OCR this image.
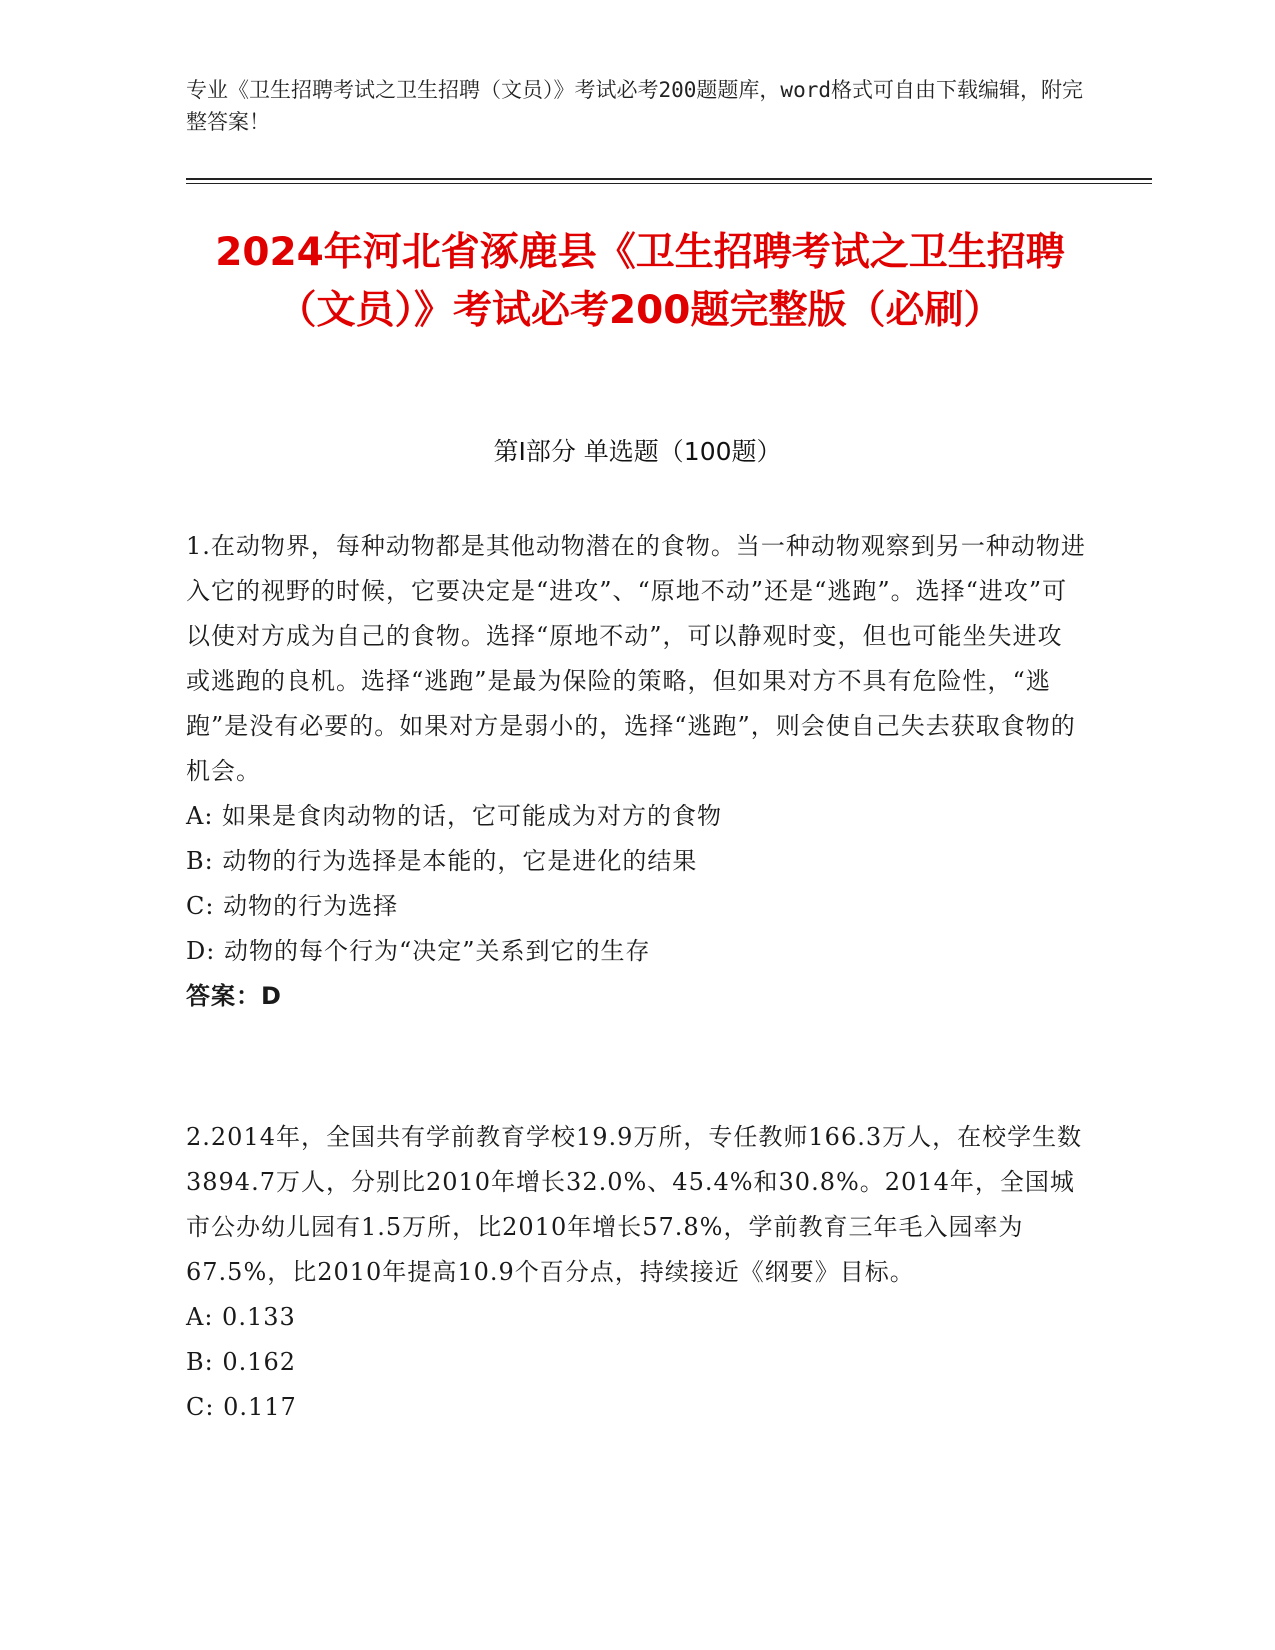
专业《卫生招聘考试之卫生招聘（文员）》考试必考200题题库，word格式可自由下载编辑，附完整答案！
2024年河北省涿鹿县《卫生招聘考试之卫生招聘（文员）》考试必考200题完整版（必刷）
第Ⅰ部分 单选题（100题）

1.在动物界，每种动物都是其他动物潜在的食物。当一种动物观察到另一种动物进入它的视野的时候，它要决定是“进攻”、“原地不动”还是“逃跑”。选择“进攻”可以使对方成为自己的食物。选择“原地不动”，可以静观时变，但也可能坐失进攻或逃跑的良机。选择“逃跑”是最为保险的策略，但如果对方不具有危险性，“逃跑”是没有必要的。如果对方是弱小的，选择“逃跑”，则会使自己失去获取食物的机会。

A: 如果是食肉动物的话，它可能成为对方的食物

B: 动物的行为选择是本能的，它是进化的结果

C: 动物的行为选择

D: 动物的每个行为“决定”关系到它的生存

答案：D

2.2014年，全国共有学前教育学校19.9万所，专任教师166.3万人，在校学生数3894.7万人，分别比2010年增长32.0%、45.4%和30.8%。2014年，全国城市公办幼儿园有1.5万所，比2010年增长57.8%，学前教育三年毛入园率为67.5%，比2010年提高10.9个百分点，持续接近《纲要》目标。

A: 0.133

B: 0.162

C: 0.117
